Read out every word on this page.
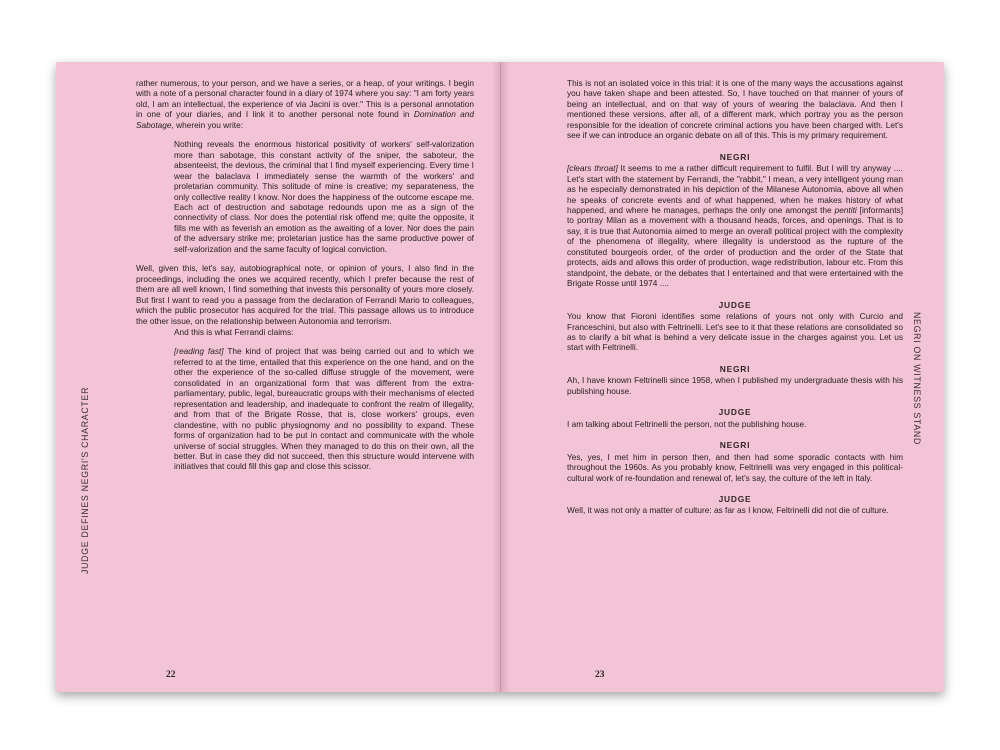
JUDGE DEFINES NEGRI'S CHARACTER

rather numerous, to your person, and we have a series, or a heap, of your writings. I begin with a note of a personal character found in a diary of 1974 where you say: "I am forty years old, I am an intellectual, the experience of via Jacini is over." This is a personal annotation in one of your diaries, and I link it to another personal note found in Domination and Sabotage, wherein you write:

Nothing reveals the enormous historical positivity of workers' self-valorization more than sabotage, this constant activity of the sniper, the saboteur, the absenteeist, the devious, the criminal that I find myself experiencing. Every time I wear the balaclava I immediately sense the warmth of the workers' and proletarian community. This solitude of mine is creative; my separateness, the only collective reality I know. Nor does the happiness of the outcome escape me. Each act of destruction and sabotage redounds upon me as a sign of the connectivity of class. Nor does the potential risk offend me; quite the opposite, it fills me with as feverish an emotion as the awaiting of a lover. Nor does the pain of the adversary strike me; proletarian justice has the same productive power of self-valorization and the same faculty of logical conviction.

Well, given this, let's say, autobiographical note, or opinion of yours, I also find in the proceedings, including the ones we acquired recently, which I prefer because the rest of them are all well known, I find something that invests this personality of yours more closely. But first I want to read you a passage from the declaration of Ferrandi Mario to colleagues, which the public prosecutor has acquired for the trial. This passage allows us to introduce the other issue, on the relationship between Autonomia and terrorism.

And this is what Ferrandi claims:

[reading fast] The kind of project that was being carried out and to which we referred to at the time, entailed that this experience on the one hand, and on the other the experience of the so-called diffuse struggle of the movement, were consolidated in an organizational form that was different from the extra-parliamentary, public, legal, bureaucratic groups with their mechanisms of elected representation and leadership, and inadequate to confront the realm of illegality, and from that of the Brigate Rosse, that is, close workers' groups, even clandestine, with no public physiognomy and no possibility to expand. These forms of organization had to be put in contact and communicate with the whole universe of social struggles. When they managed to do this on their own, all the better. But in case they did not succeed, then this structure would intervene with initiatives that could fill this gap and close this scissor.

22
NEGRI ON WITNESS STAND

This is not an isolated voice in this trial: it is one of the many ways the accusations against you have taken shape and been attested. So, I have touched on that manner of yours of being an intellectual, and on that way of yours of wearing the balaclava. And then I mentioned these versions, after all, of a different mark, which portray you as the person responsible for the ideation of concrete criminal actions you have been charged with. Let's see if we can introduce an organic debate on all of this. This is my primary requirement.

NEGRI

[clears throat] It seems to me a rather difficult requirement to fulfil. But I will try anyway .... Let's start with the statement by Ferrandi, the "rabbit," I mean, a very intelligent young man as he especially demonstrated in his depiction of the Milanese Autonomia, above all when he speaks of concrete events and of what happened, when he makes history of what happened, and where he manages, perhaps the only one amongst the pentiti [informants] to portray Milan as a movement with a thousand heads, forces, and openings. That is to say, it is true that Autonomia aimed to merge an overall political project with the complexity of the phenomena of illegality, where illegality is understood as the rupture of the constituted bourgeois order, of the order of production and the order of the State that protects, aids and allows this order of production, wage redistribution, labour etc. From this standpoint, the debate, or the debates that I entertained and that were entertained with the Brigate Rosse until 1974 ....

JUDGE

You know that Fioroni identifies some relations of yours not only with Curcio and Franceschini, but also with Feltrinelli. Let's see to it that these relations are consolidated so as to clarify a bit what is behind a very delicate issue in the charges against you. Let us start with Feltrinelli.

NEGRI

Ah, I have known Feltrinelli since 1958, when I published my undergraduate thesis with his publishing house.

JUDGE

I am talking about Feltrinelli the person, not the publishing house.

NEGRI

Yes, yes, I met him in person then, and then had some sporadic contacts with him throughout the 1960s. As you probably know, Feltrinelli was very engaged in this political-cultural work of re-foundation and renewal of, let's say, the culture of the left in Italy.

JUDGE

Well, it was not only a matter of culture: as far as I know, Feltrinelli did not die of culture.

23
